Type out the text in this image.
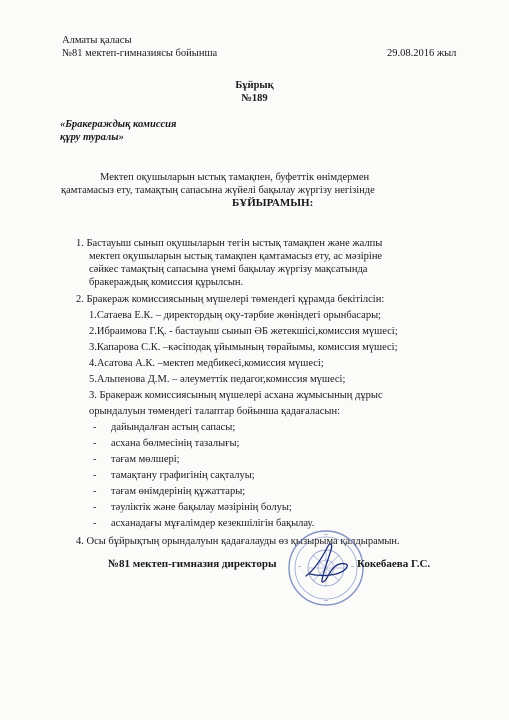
Алматы қаласы
№81 мектеп-гимназиясы бойынша	29.08.2016 жыл
Бұйрық
№189
«Бракераждық комиссия
құру туралы»
Мектеп оқушыларын ыстық тамақпен, буфеттік өнімдермен
қамтамасыз ету, тамақтың сапасына жүйелі бақылау жүргізу негізінде
БҰЙЫРАМЫН:
1. Бастауыш сынып оқушыларын тегін ыстық тамақпен және жалпы
мектеп оқушыларын ыстық тамақпен қамтамасыз ету, ас мәзіріне
сәйкес тамақтың сапасына үнемі бақылау жүргізу мақсатында
бракераждық комиссия құрылсын.
2. Бракераж комиссиясының мүшелері төмендегі құрамда бекітілсін:
1.Сатаева Е.К. – директордың оқу-тәрбие жөніндегі орынбасары;
2.Ибраимова Г.Қ. - бастауыш сынып ӘБ жетекшісі,комиссия мүшесі;
3.Капарова С.К. –кәсіподақ ұйымының төрайымы, комиссия мүшесі;
4.Асатова А.К. –мектеп медбикесі,комиссия мүшесі;
5.Альпенова Д.М. – әлеуметтік педагог,комиссия мүшесі;
3. Бракераж комиссиясының мүшелері асхана жұмысының дұрыс
орындалуын төмендегі талаптар бойынша қадағаласын:
- дайындалған астың сапасы;
- асхана бөлмесінің тазалығы;
- тағам мөлшері;
- тамақтану графигінің сақталуы;
- тағам өнімдерінің құжаттары;
- тәуліктік және бақылау мәзірінің болуы;
- асханадағы мұғалімдер кезекшілігін бақылау.
4. Осы бұйрықтың орындалуын қадағалауды өз қызырыма қалдырамын.
№81 мектеп-гимназия директоры	Кокебаева Г.С.
